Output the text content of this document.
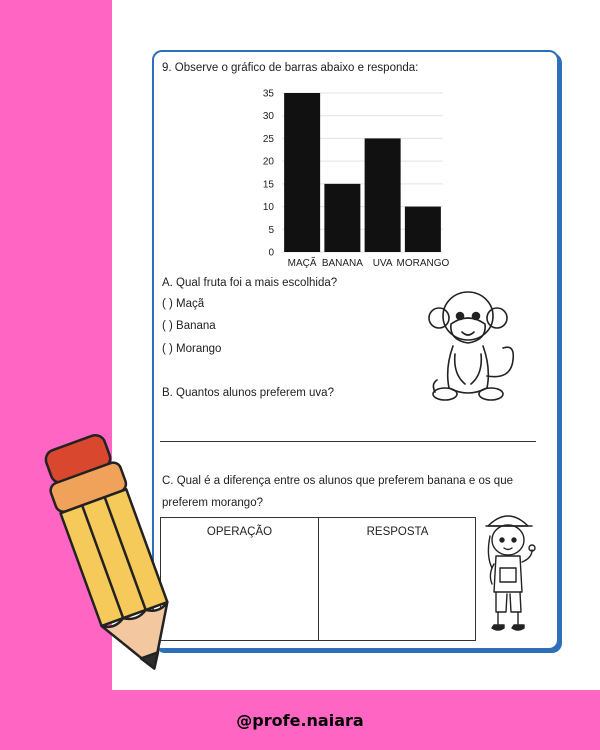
9. Observe o gráfico de barras abaixo e responda:
0
5
10
15
20
25
30
35
MAÇÃ BANANA UVA MORANGO
A. Qual fruta foi a mais escolhida?
( ) Maçã
( ) Banana
( ) Morango
B. Quantos alunos preferem uva?
C. Qual é a diferença entre os alunos que preferem banana e os que
preferem morango?
OPERAÇÃO	RESPOSTA
@profe.naiara
